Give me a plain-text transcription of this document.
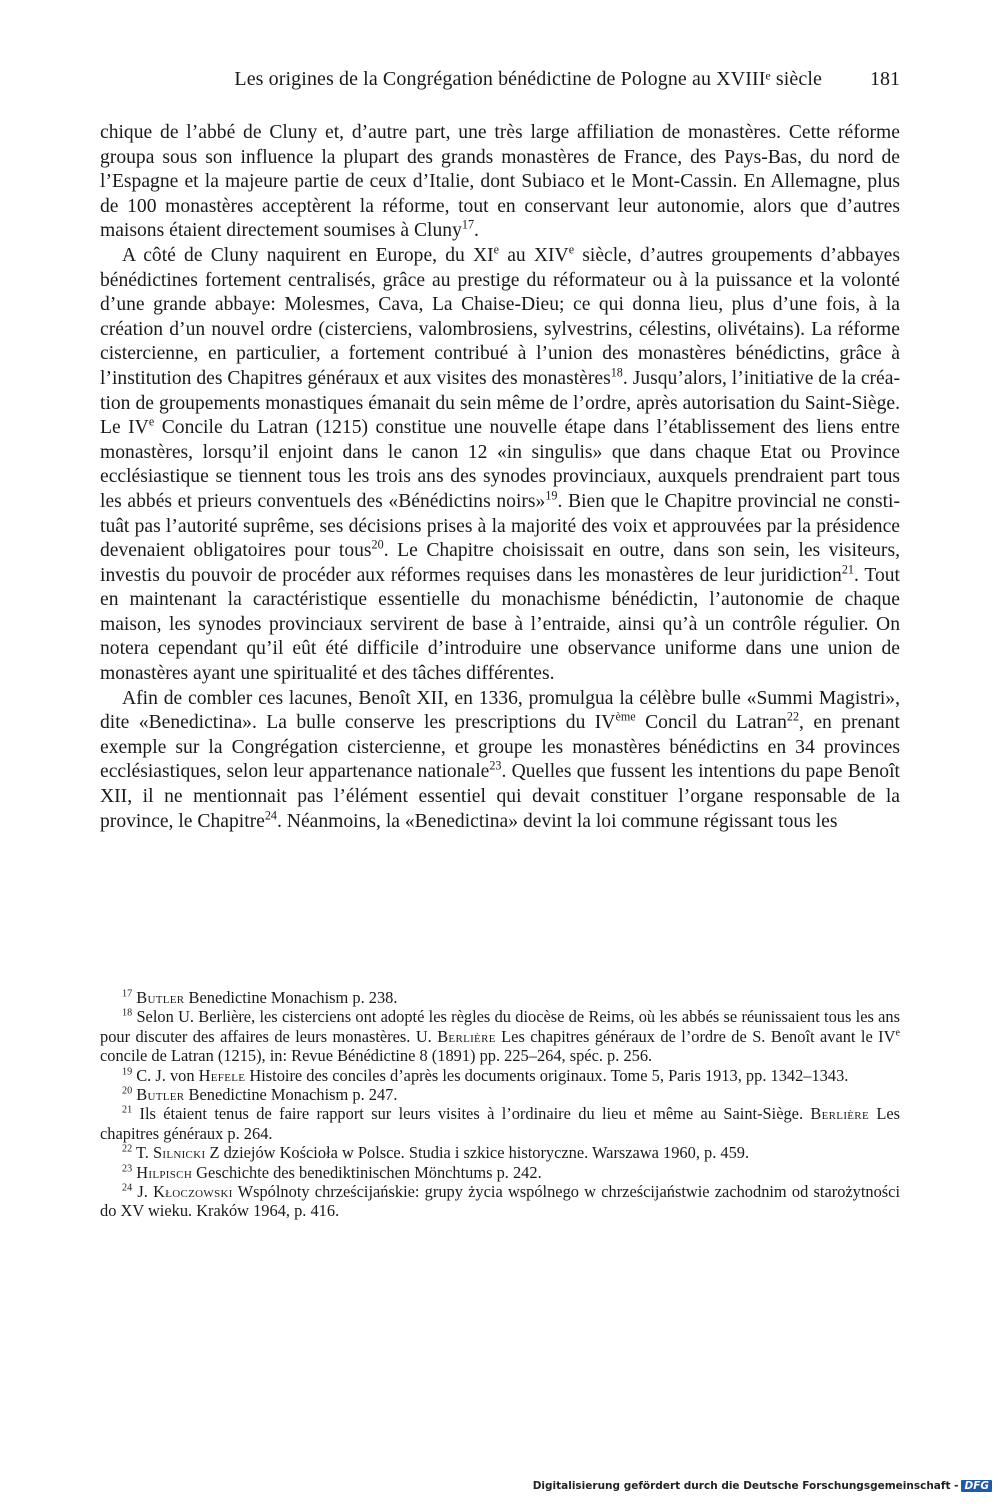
Les origines de la Congrégation bénédictine de Pologne au XVIIIᵉ siècle 181

chique de l’abbé de Cluny et, d’autre part, une très large affiliation de monastères. Cette réforme groupa sous son influence la plupart des grands monastères de France, des Pays-Bas, du nord de l’Espagne et la majeure partie de ceux d’Italie, dont Subiaco et le Mont-Cassin. En Allemagne, plus de 100 monastères acceptèrent la réforme, tout en conservant leur autonomie, alors que d’autres maisons étaient directement soumises à Cluny$^{17}$.

A côté de Cluny naquirent en Europe, du XIe au XIVe siècle, d’autres groupements d’abbayes bénédictines fortement centralisés, grâce au prestige du réformateur ou à la puissance et la volonté d’une grande abbaye: Molesmes, Cava, La Chaise-Dieu; ce qui donna lieu, plus d’une fois, à la création d’un nouvel ordre (cisterciens, valombrosiens, sylvestrins, célestins, olivétains). La réforme cistercienne, en particulier, a fortement contribué à l’union des monastères bénédictins, grâce à l’institution des Chapitres généraux et aux visites des monastères$^{18}$. Jusqu’alors, l’initiative de la création de groupements monastiques émanait du sein même de l’ordre, après autorisation du Saint-Siège. Le IVe Concile du Latran (1215) constitue une nouvelle étape dans l’établissement des liens entre monastères, lorsqu’il enjoint dans le canon 12 «in singulis» que dans chaque Etat ou Province ecclésiastique se tiennent tous les trois ans des synodes provinciaux, auxquels prendraient part tous les abbés et prieurs conventuels des «Bénédictins noirs»$^{19}$. Bien que le Chapitre provincial ne constituât pas l’autorité suprême, ses décisions prises à la majorité des voix et approuvées par la présidence devenaient obligatoires pour tous$^{20}$. Le Chapitre choisissait en outre, dans son sein, les visiteurs, investis du pouvoir de procéder aux réformes requises dans les monastères de leur juridiction$^{21}$. Tout en maintenant la caractéristique essentielle du monachisme bénédictin, l’autonomie de chaque maison, les synodes provinciaux servirent de base à l’entraide, ainsi qu’à un contrôle régulier. On notera cependant qu’il eût été difficile d’introduire une observance uniforme dans une union de monastères ayant une spiritualité et des tâches différentes.

Afin de combler ces lacunes, Benoît XII, en 1336, promulgua la célèbre bulle «Summi Magistri», dite «Benedictina». La bulle conserve les prescriptions du IVème Concil du Latran$^{22}$, en prenant exemple sur la Congrégation cistercienne, et groupe les monastères bénédictins en 34 provinces ecclésiastiques, selon leur appartenance nationale$^{23}$. Quelles que fussent les intentions du pape Benoît XII, il ne mentionnait pas l’élément essentiel qui devait constituer l’organe responsable de la province, le Chapitre$^{24}$. Néanmoins, la «Benedictina» devint la loi commune régissant tous les

$^{17}$ Butler Benedictine Monachism p. 238.

$^{18}$ Selon U. Berlière, les cisterciens ont adopté les règles du diocèse de Reims, où les abbés se réunissaient tous les ans pour discuter des affaires de leurs monastères. U. Berlière Les chapitres généraux de l’ordre de S. Benoît avant le IVe concile de Latran (1215), in: Revue Bénédictine 8 (1891) pp. 225–264, spéc. p. 256.

$^{19}$ C. J. von Hefele Histoire des conciles d’après les documents originaux. Tome 5, Paris 1913, pp. 1342–1343.

$^{20}$ Butler Benedictine Monachism p. 247.

$^{21}$ Ils étaient tenus de faire rapport sur leurs visites à l’ordinaire du lieu et même au Saint-Siège. Berlière Les chapitres généraux p. 264.

$^{22}$ T. Silnicki Z dziejów Kościoła w Polsce. Studia i szkice historyczne. Warszawa 1960, p. 459.

$^{23}$ Hilpisch Geschichte des benediktinischen Mönchtums p. 242.

$^{24}$ J. Kłoczowski Wspólnoty chrześcijańskie: grupy życia wspólnego w chrześcijaństwie zachodnim od starożytności do XV wieku. Kraków 1964, p. 416.

Digitalisierung gefördert durch die Deutsche Forschungsgemeinschaft - DFG
